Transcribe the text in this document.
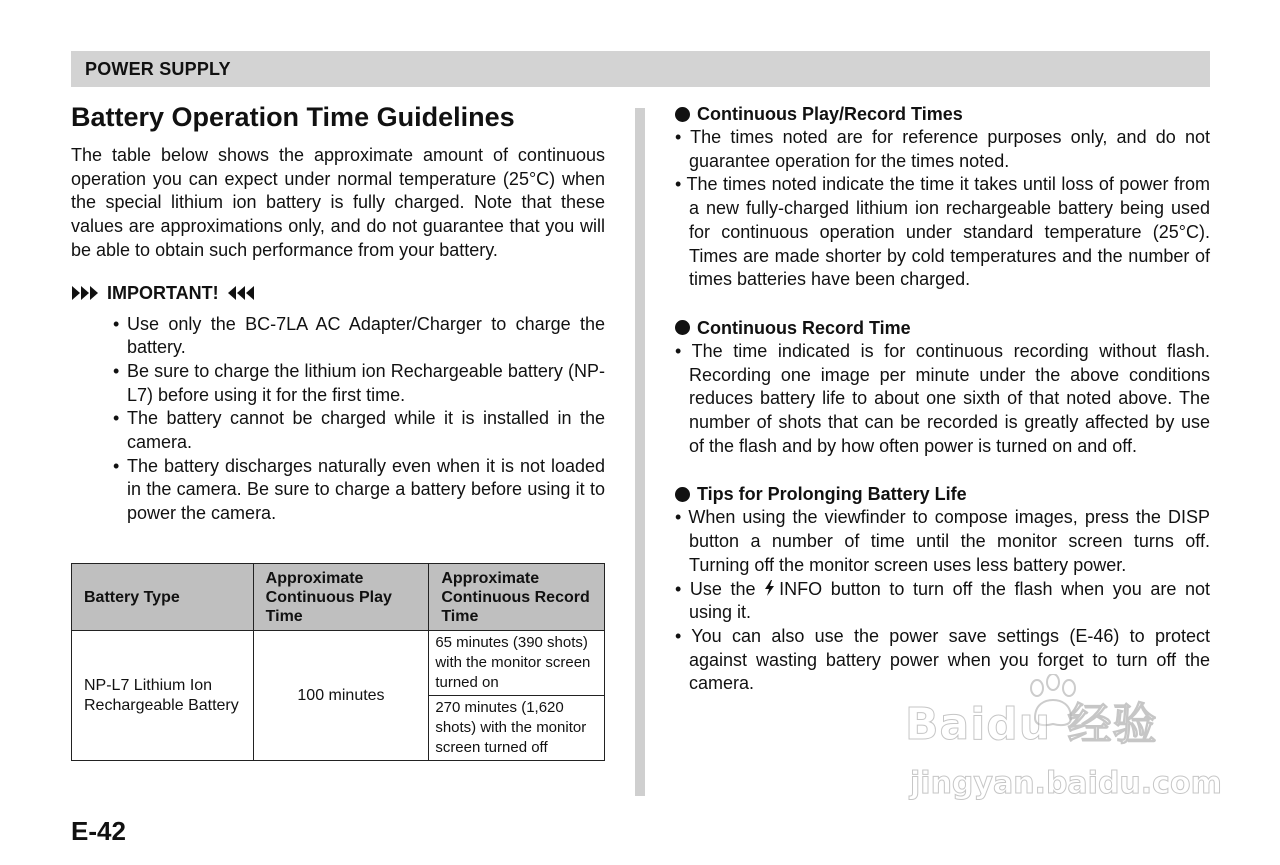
POWER SUPPLY
Battery Operation Time Guidelines

The table below shows the approximate amount of continuous operation you can expect under normal temperature (25°C) when the special lithium ion battery is fully charged. Note that these values are approximations only, and do not guarantee that you will be able to obtain such performance from your battery.

IMPORTANT!
• Use only the BC-7LA AC Adapter/Charger to charge the battery.
• Be sure to charge the lithium ion Rechargeable battery (NP-L7) before using it for the first time.
• The battery cannot be charged while it is installed in the camera.
• The battery discharges naturally even when it is not loaded in the camera. Be sure to charge a battery before using it to power the camera.
Battery Type	Approximate Continuous Play Time	Approximate Continuous Record Time
NP-L7 Lithium Ion Rechargeable Battery	100 minutes	65 minutes (390 shots) with the monitor screen turned on
		270 minutes (1,620 shots) with the monitor screen turned off
Continuous Play/Record Times
• The times noted are for reference purposes only, and do not guarantee operation for the times noted.
• The times noted indicate the time it takes until loss of power from a new fully-charged lithium ion rechargeable battery being used for continuous operation under standard temperature (25°C). Times are made shorter by cold temperatures and the number of times batteries have been charged.
Continuous Record Time
• The time indicated is for continuous recording without flash. Recording one image per minute under the above conditions reduces battery life to about one sixth of that noted above. The number of shots that can be recorded is greatly affected by use of the flash and by how often power is turned on and off.
Tips for Prolonging Battery Life
• When using the viewfinder to compose images, press the DISP button a number of time until the monitor screen turns off. Turning off the monitor screen uses less battery power.
• Use the INFO button to turn off the flash when you are not using it.
• You can also use the power save settings (E-46) to protect against wasting battery power when you forget to turn off the camera.
E-42
Baidu 经验
jingyan.baidu.com
